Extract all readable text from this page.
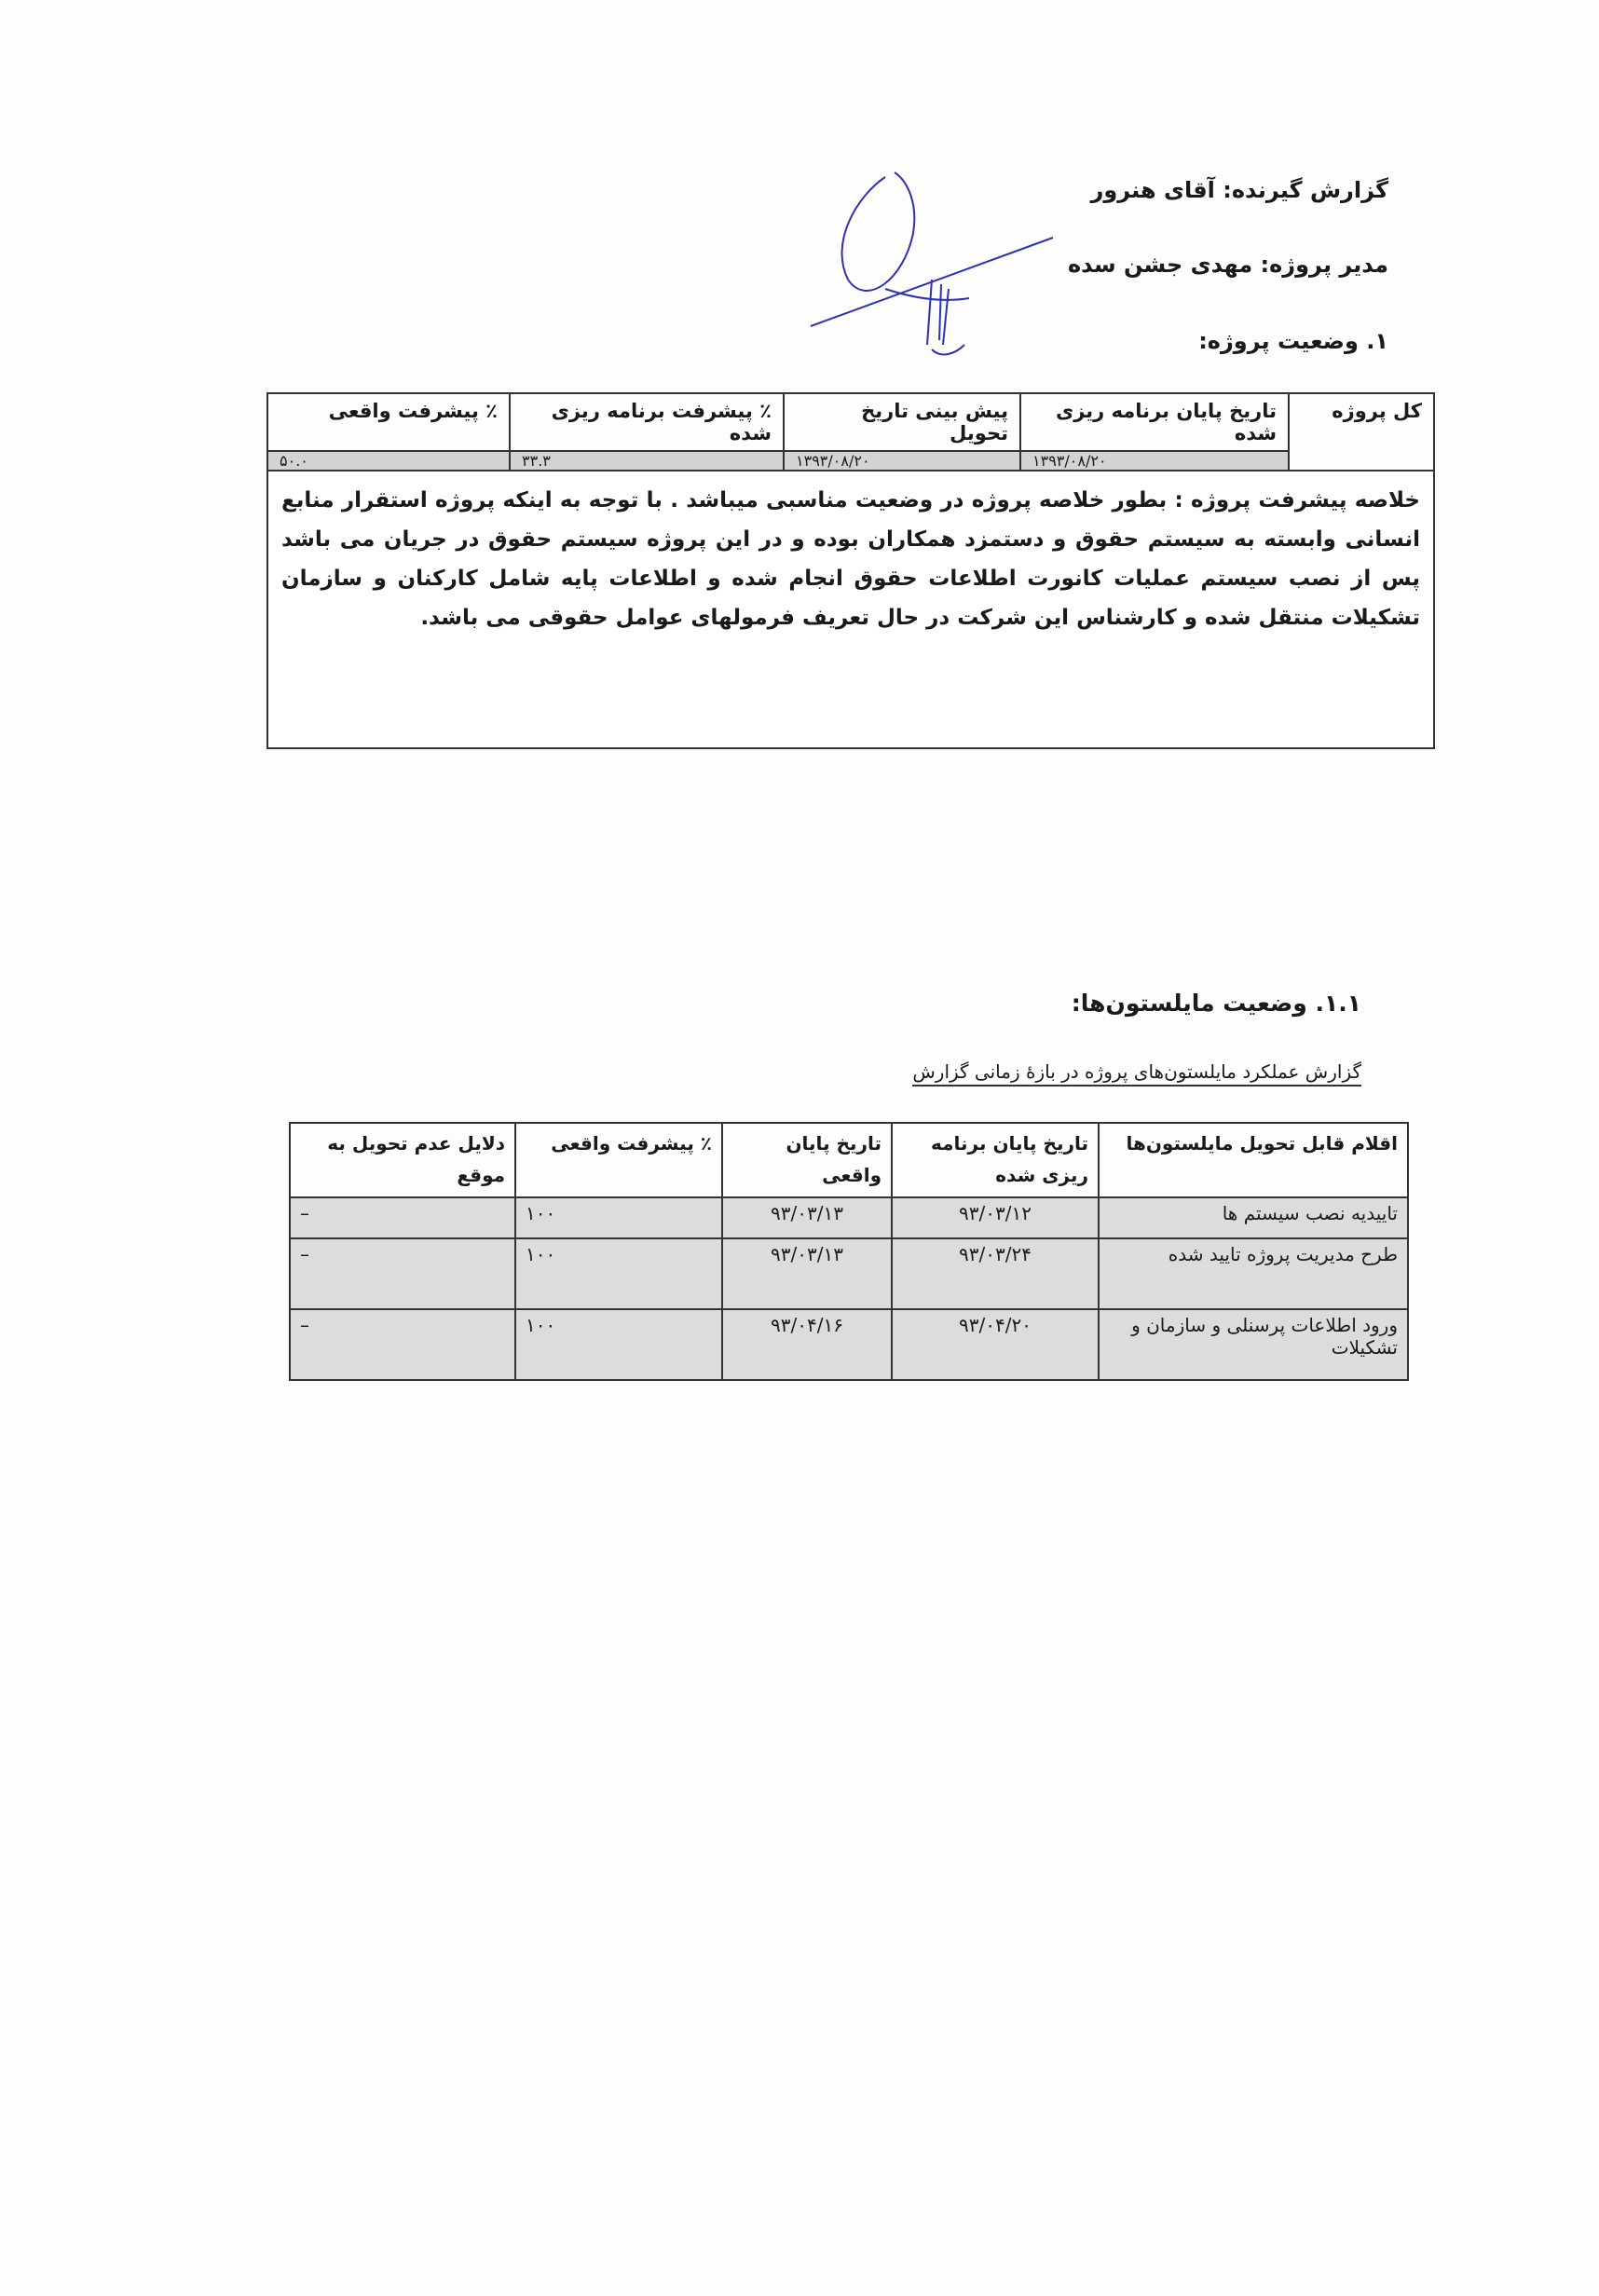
گزارش گیرنده: آقای هنرور
مدیر پروژه: مهدی جشن سده
۱. وضعیت پروژه:
کل پروژه	تاریخ پایان برنامه ریزی شده	پیش بینی تاریخ تحویل	٪ پیشرفت برنامه ریزی شده	٪ پیشرفت واقعی
	۱۳۹۳/۰۸/۲۰	۱۳۹۳/۰۸/۲۰	۳۳.۳	۵۰.۰
خلاصه پیشرفت پروژه : بطور خلاصه پروژه در وضعیت مناسبی میباشد . با توجه به اینکه پروژه استقرار منابع انسانی وابسته به سیستم حقوق و دستمزد همکاران بوده و در این پروژه سیستم حقوق در جریان می باشد پس از نصب سیستم عملیات کانورت اطلاعات حقوق انجام شده و اطلاعات پایه شامل کارکنان و سازمان تشکیلات منتقل شده و کارشناس این شرکت در حال تعریف فرمولهای عوامل حقوقی می باشد.				
۱.۱. وضعیت مایلستون‌ها:
گزارش عملکرد مایلستون‌های پروژه در بازهٔ زمانی گزارش
اقلام قابل تحویل مایلستون‌ها	تاریخ پایان برنامه ریزی شده	تاریخ پایان واقعی	٪ پیشرفت واقعی	دلایل عدم تحویل به موقع
تاییدیه نصب سیستم ها	۹۳/۰۳/۱۲	۹۳/۰۳/۱۳	۱۰۰	–
طرح مدیریت پروژه تایید شده	۹۳/۰۳/۲۴	۹۳/۰۳/۱۳	۱۰۰	–
ورود اطلاعات پرسنلی و سازمان و تشکیلات	۹۳/۰۴/۲۰	۹۳/۰۴/۱۶	۱۰۰	–
